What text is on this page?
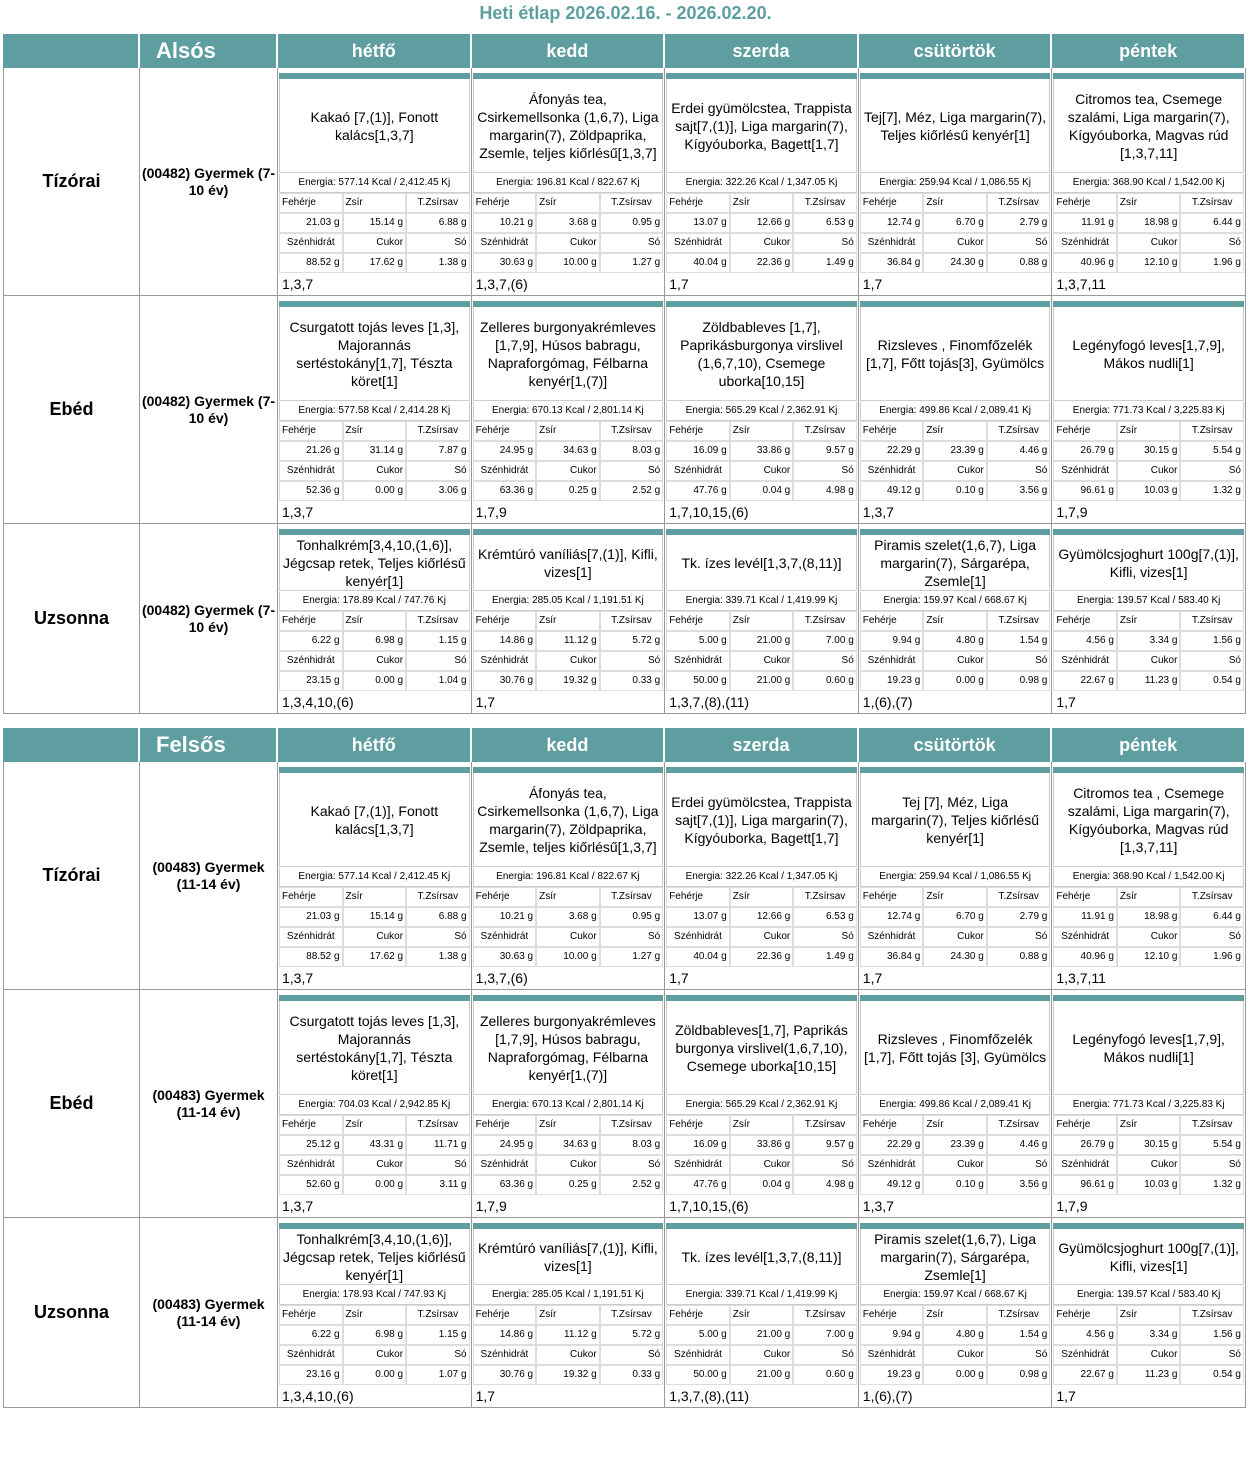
Heti étlap 2026.02.16. - 2026.02.20.
Alsós	hétfő	kedd	szerda	csütörtök	péntek
Tízórai	(00482) Gyermek (7-10 év)
Kakaó [7,(1)], Fonott kalács[1,3,7]
Energia: 577.14 Kcal / 2,412.45 Kj
Fehérje	Zsír	T.Zsírsav
21.03 g	15.14 g	6.88 g
Szénhidrát	Cukor	Só
88.52 g	17.62 g	1.38 g
1,3,7
Áfonyás tea, Csirkemellsonka (1,6,7), Liga margarin(7), Zöldpaprika, Zsemle, teljes kiőrlésű[1,3,7]
Energia: 196.81 Kcal / 822.67 Kj
Fehérje	Zsír	T.Zsírsav
10.21 g	3.68 g	0.95 g
Szénhidrát	Cukor	Só
30.63 g	10.00 g	1.27 g
1,3,7,(6)
Erdei gyümölcstea, Trappista sajt[7,(1)], Liga margarin(7), Kígyóuborka, Bagett[1,7]
Energia: 322.26 Kcal / 1,347.05 Kj
Fehérje	Zsír	T.Zsírsav
13.07 g	12.66 g	6.53 g
Szénhidrát	Cukor	Só
40.04 g	22.36 g	1.49 g
1,7
Tej[7], Méz, Liga margarin(7), Teljes kiőrlésű kenyér[1]
Energia: 259.94 Kcal / 1,086.55 Kj
Fehérje	Zsír	T.Zsírsav
12.74 g	6.70 g	2.79 g
Szénhidrát	Cukor	Só
36.84 g	24.30 g	0.88 g
1,7
Citromos tea, Csemege szalámi, Liga margarin(7), Kígyóuborka, Magvas rúd [1,3,7,11]
Energia: 368.90 Kcal / 1,542.00 Kj
Fehérje	Zsír	T.Zsírsav
11.91 g	18.98 g	6.44 g
Szénhidrát	Cukor	Só
40.96 g	12.10 g	1.96 g
1,3,7,11
Ebéd	(00482) Gyermek (7-10 év)
Csurgatott tojás leves [1,3], Majorannás sertéstokány[1,7], Tészta köret[1]
Energia: 577.58 Kcal / 2,414.28 Kj
Fehérje	Zsír	T.Zsírsav
21.26 g	31.14 g	7.87 g
Szénhidrát	Cukor	Só
52.36 g	0.00 g	3.06 g
1,3,7
Zelleres burgonyakrémleves [1,7,9], Húsos babragu, Napraforgómag, Félbarna kenyér[1,(7)]
Energia: 670.13 Kcal / 2,801.14 Kj
Fehérje	Zsír	T.Zsírsav
24.95 g	34.63 g	8.03 g
Szénhidrát	Cukor	Só
63.36 g	0.25 g	2.52 g
1,7,9
Zöldbableves [1,7], Paprikásburgonya virslivel (1,6,7,10), Csemege uborka[10,15]
Energia: 565.29 Kcal / 2,362.91 Kj
Fehérje	Zsír	T.Zsírsav
16.09 g	33.86 g	9.57 g
Szénhidrát	Cukor	Só
47.76 g	0.04 g	4.98 g
1,7,10,15,(6)
Rizsleves , Finomfőzelék [1,7], Főtt tojás[3], Gyümölcs
Energia: 499.86 Kcal / 2,089.41 Kj
Fehérje	Zsír	T.Zsírsav
22.29 g	23.39 g	4.46 g
Szénhidrát	Cukor	Só
49.12 g	0.10 g	3.56 g
1,3,7
Legényfogó leves[1,7,9], Mákos nudli[1]
Energia: 771.73 Kcal / 3,225.83 Kj
Fehérje	Zsír	T.Zsírsav
26.79 g	30.15 g	5.54 g
Szénhidrát	Cukor	Só
96.61 g	10.03 g	1.32 g
1,7,9
Uzsonna	(00482) Gyermek (7-10 év)
Tonhalkrém[3,4,10,(1,6)], Jégcsap retek, Teljes kiőrlésű kenyér[1]
Energia: 178.89 Kcal / 747.76 Kj
Fehérje	Zsír	T.Zsírsav
6.22 g	6.98 g	1.15 g
Szénhidrát	Cukor	Só
23.15 g	0.00 g	1.04 g
1,3,4,10,(6)
Krémtúró vaníliás[7,(1)], Kifli, vizes[1]
Energia: 285.05 Kcal / 1,191.51 Kj
Fehérje	Zsír	T.Zsírsav
14.86 g	11.12 g	5.72 g
Szénhidrát	Cukor	Só
30.76 g	19.32 g	0.33 g
1,7
Tk. ízes levél[1,3,7,(8,11)]
Energia: 339.71 Kcal / 1,419.99 Kj
Fehérje	Zsír	T.Zsírsav
5.00 g	21.00 g	7.00 g
Szénhidrát	Cukor	Só
50.00 g	21.00 g	0.60 g
1,3,7,(8),(11)
Piramis szelet(1,6,7), Liga margarin(7), Sárgarépa, Zsemle[1]
Energia: 159.97 Kcal / 668.67 Kj
Fehérje	Zsír	T.Zsírsav
9.94 g	4.80 g	1.54 g
Szénhidrát	Cukor	Só
19.23 g	0.00 g	0.98 g
1,(6),(7)
Gyümölcsjoghurt 100g[7,(1)], Kifli, vizes[1]
Energia: 139.57 Kcal / 583.40 Kj
Fehérje	Zsír	T.Zsírsav
4.56 g	3.34 g	1.56 g
Szénhidrát	Cukor	Só
22.67 g	11.23 g	0.54 g
1,7
Felsős	hétfő	kedd	szerda	csütörtök	péntek
Tízórai	(00483) Gyermek (11-14 év)
Kakaó [7,(1)], Fonott kalács[1,3,7]
Energia: 577.14 Kcal / 2,412.45 Kj
Fehérje	Zsír	T.Zsírsav
21.03 g	15.14 g	6.88 g
Szénhidrát	Cukor	Só
88.52 g	17.62 g	1.38 g
1,3,7
Áfonyás tea, Csirkemellsonka (1,6,7), Liga margarin(7), Zöldpaprika, Zsemle, teljes kiőrlésű[1,3,7]
Energia: 196.81 Kcal / 822.67 Kj
Fehérje	Zsír	T.Zsírsav
10.21 g	3.68 g	0.95 g
Szénhidrát	Cukor	Só
30.63 g	10.00 g	1.27 g
1,3,7,(6)
Erdei gyümölcstea, Trappista sajt[7,(1)], Liga margarin(7), Kígyóuborka, Bagett[1,7]
Energia: 322.26 Kcal / 1,347.05 Kj
Fehérje	Zsír	T.Zsírsav
13.07 g	12.66 g	6.53 g
Szénhidrát	Cukor	Só
40.04 g	22.36 g	1.49 g
1,7
Tej [7], Méz, Liga margarin(7), Teljes kiőrlésű kenyér[1]
Energia: 259.94 Kcal / 1,086.55 Kj
Fehérje	Zsír	T.Zsírsav
12.74 g	6.70 g	2.79 g
Szénhidrát	Cukor	Só
36.84 g	24.30 g	0.88 g
1,7
Citromos tea , Csemege szalámi, Liga margarin(7), Kígyóuborka, Magvas rúd [1,3,7,11]
Energia: 368.90 Kcal / 1,542.00 Kj
Fehérje	Zsír	T.Zsírsav
11.91 g	18.98 g	6.44 g
Szénhidrát	Cukor	Só
40.96 g	12.10 g	1.96 g
1,3,7,11
Ebéd	(00483) Gyermek (11-14 év)
Csurgatott tojás leves [1,3], Majorannás sertéstokány[1,7], Tészta köret[1]
Energia: 704.03 Kcal / 2,942.85 Kj
Fehérje	Zsír	T.Zsírsav
25.12 g	43.31 g	11.71 g
Szénhidrát	Cukor	Só
52.60 g	0.00 g	3.11 g
1,3,7
Zelleres burgonyakrémleves [1,7,9], Húsos babragu, Napraforgómag, Félbarna kenyér[1,(7)]
Energia: 670.13 Kcal / 2,801.14 Kj
Fehérje	Zsír	T.Zsírsav
24.95 g	34.63 g	8.03 g
Szénhidrát	Cukor	Só
63.36 g	0.25 g	2.52 g
1,7,9
Zöldbableves[1,7], Paprikás burgonya virslivel(1,6,7,10), Csemege uborka[10,15]
Energia: 565.29 Kcal / 2,362.91 Kj
Fehérje	Zsír	T.Zsírsav
16.09 g	33.86 g	9.57 g
Szénhidrát	Cukor	Só
47.76 g	0.04 g	4.98 g
1,7,10,15,(6)
Rizsleves , Finomfőzelék [1,7], Főtt tojás [3], Gyümölcs
Energia: 499.86 Kcal / 2,089.41 Kj
Fehérje	Zsír	T.Zsírsav
22.29 g	23.39 g	4.46 g
Szénhidrát	Cukor	Só
49.12 g	0.10 g	3.56 g
1,3,7
Legényfogó leves[1,7,9], Mákos nudli[1]
Energia: 771.73 Kcal / 3,225.83 Kj
Fehérje	Zsír	T.Zsírsav
26.79 g	30.15 g	5.54 g
Szénhidrát	Cukor	Só
96.61 g	10.03 g	1.32 g
1,7,9
Uzsonna	(00483) Gyermek (11-14 év)
Tonhalkrém[3,4,10,(1,6)], Jégcsap retek, Teljes kiőrlésű kenyér[1]
Energia: 178.93 Kcal / 747.93 Kj
Fehérje	Zsír	T.Zsírsav
6.22 g	6.98 g	1.15 g
Szénhidrát	Cukor	Só
23.16 g	0.00 g	1.07 g
1,3,4,10,(6)
Krémtúró vaníliás[7,(1)], Kifli, vizes[1]
Energia: 285.05 Kcal / 1,191.51 Kj
Fehérje	Zsír	T.Zsírsav
14.86 g	11.12 g	5.72 g
Szénhidrát	Cukor	Só
30.76 g	19.32 g	0.33 g
1,7
Tk. ízes levél[1,3,7,(8,11)]
Energia: 339.71 Kcal / 1,419.99 Kj
Fehérje	Zsír	T.Zsírsav
5.00 g	21.00 g	7.00 g
Szénhidrát	Cukor	Só
50.00 g	21.00 g	0.60 g
1,3,7,(8),(11)
Piramis szelet(1,6,7), Liga margarin(7), Sárgarépa, Zsemle[1]
Energia: 159.97 Kcal / 668.67 Kj
Fehérje	Zsír	T.Zsírsav
9.94 g	4.80 g	1.54 g
Szénhidrát	Cukor	Só
19.23 g	0.00 g	0.98 g
1,(6),(7)
Gyümölcsjoghurt 100g[7,(1)], Kifli, vizes[1]
Energia: 139.57 Kcal / 583.40 Kj
Fehérje	Zsír	T.Zsírsav
4.56 g	3.34 g	1.56 g
Szénhidrát	Cukor	Só
22.67 g	11.23 g	0.54 g
1,7
